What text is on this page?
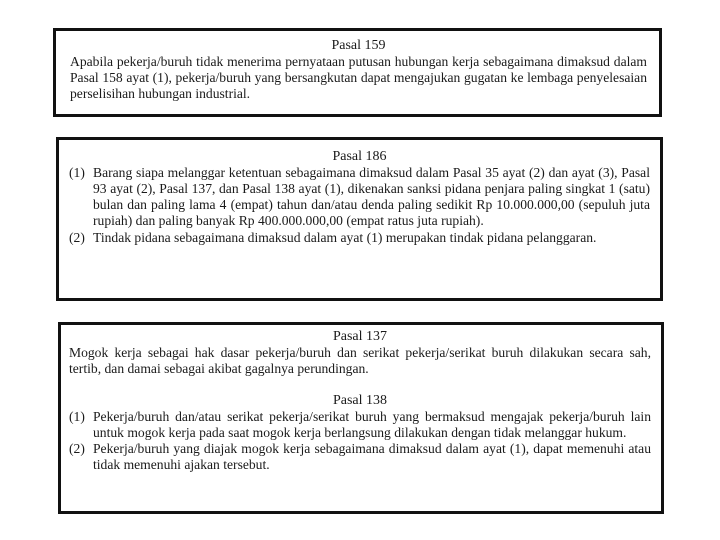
Pasal 159

Apabila pekerja/buruh tidak menerima pernyataan putusan hubungan kerja sebagaimana dimaksud dalam Pasal 158 ayat (1), pekerja/buruh yang bersangkutan dapat mengajukan gugatan ke lembaga penyelesaian perselisihan hubungan industrial.

Pasal 186

(1) Barang siapa melanggar ketentuan sebagaimana dimaksud dalam Pasal 35 ayat (2) dan ayat (3), Pasal 93 ayat (2), Pasal 137, dan Pasal 138 ayat (1), dikenakan sanksi pidana penjara paling singkat 1 (satu) bulan dan paling lama 4 (empat) tahun dan/atau denda paling sedikit Rp 10.000.000,00 (sepuluh juta rupiah) dan paling banyak Rp 400.000.000,00 (empat ratus juta rupiah).
(2) Tindak pidana sebagaimana dimaksud dalam ayat (1) merupakan tindak pidana pelanggaran.

Pasal 137

Mogok kerja sebagai hak dasar pekerja/buruh dan serikat pekerja/serikat buruh dilakukan secara sah, tertib, dan damai sebagai akibat gagalnya perundingan.

Pasal 138

(1) Pekerja/buruh dan/atau serikat pekerja/serikat buruh yang bermaksud mengajak pekerja/buruh lain untuk mogok kerja pada saat mogok kerja berlangsung dilakukan dengan tidak melanggar hukum.
(2) Pekerja/buruh yang diajak mogok kerja sebagaimana dimaksud dalam ayat (1), dapat memenuhi atau tidak memenuhi ajakan tersebut.
